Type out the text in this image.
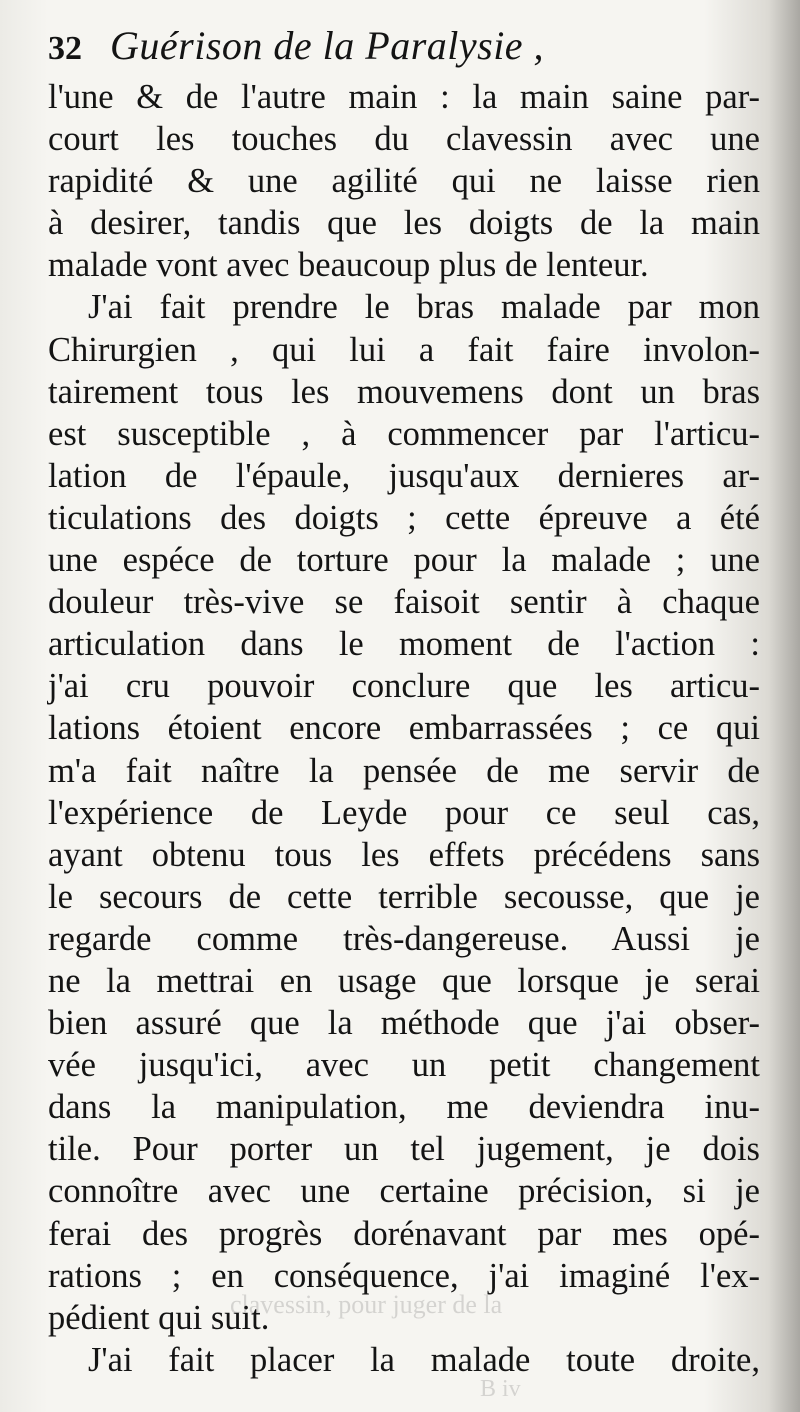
32 Guérison de la Paralysie ,
l'une & de l'autre main : la main saine par-
court les touches du clavessin avec une
rapidité & une agilité qui ne laisse rien
à desirer, tandis que les doigts de la main
malade vont avec beaucoup plus de lenteur.
J'ai fait prendre le bras malade par mon
Chirurgien , qui lui a fait faire involon-
tairement tous les mouvemens dont un bras
est susceptible , à commencer par l'articu-
lation de l'épaule, jusqu'aux dernieres ar-
ticulations des doigts ; cette épreuve a été
une espéce de torture pour la malade ; une
douleur très-vive se faisoit sentir à chaque
articulation dans le moment de l'action :
j'ai cru pouvoir conclure que les articu-
lations étoient encore embarrassées ; ce qui
m'a fait naître la pensée de me servir de
l'expérience de Leyde pour ce seul cas,
ayant obtenu tous les effets précédens sans
le secours de cette terrible secousse, que je
regarde comme très-dangereuse. Aussi je
ne la mettrai en usage que lorsque je serai
bien assuré que la méthode que j'ai obser-
vée jusqu'ici, avec un petit changement
dans la manipulation, me deviendra inu-
tile. Pour porter un tel jugement, je dois
connoître avec une certaine précision, si je
ferai des progrès dorénavant par mes opé-
rations ; en conséquence, j'ai imaginé l'ex-
pédient qui suit.
J'ai fait placer la malade toute droite,
clavessin, pour juger de la
B iv
